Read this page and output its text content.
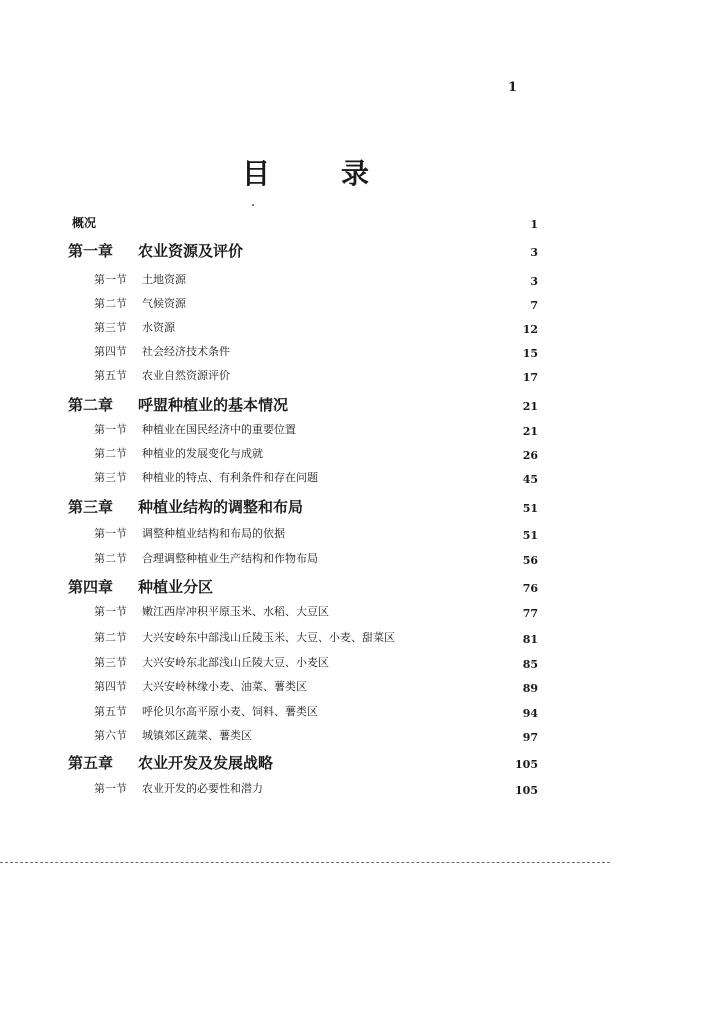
1
目	录
概况	1
第一章 农业资源及评价	3
第一节 土地资源	3
第二节 气候资源	7
第三节 水资源	12
第四节 社会经济技术条件	15
第五节 农业自然资源评价	17
第二章 呼盟种植业的基本情况	21
第一节 种植业在国民经济中的重要位置	21
第二节 种植业的发展变化与成就	26
第三节 种植业的特点、有利条件和存在问题	45
第三章 种植业结构的调整和布局	51
第一节 调整种植业结构和布局的依据	51
第二节 合理调整种植业生产结构和作物布局	56
第四章 种植业分区	76
第一节 嫩江西岸冲积平原玉米、水稻、大豆区	77
第二节 大兴安岭东中部浅山丘陵玉米、大豆、小麦、甜菜区	81
第三节 大兴安岭东北部浅山丘陵大豆、小麦区	85
第四节 大兴安岭林缘小麦、油菜、薯类区	89
第五节 呼伦贝尔高平原小麦、饲料、薯类区	94
第六节 城镇郊区蔬菜、薯类区	97
第五章 农业开发及发展战略	105
第一节 农业开发的必要性和潜力	105
